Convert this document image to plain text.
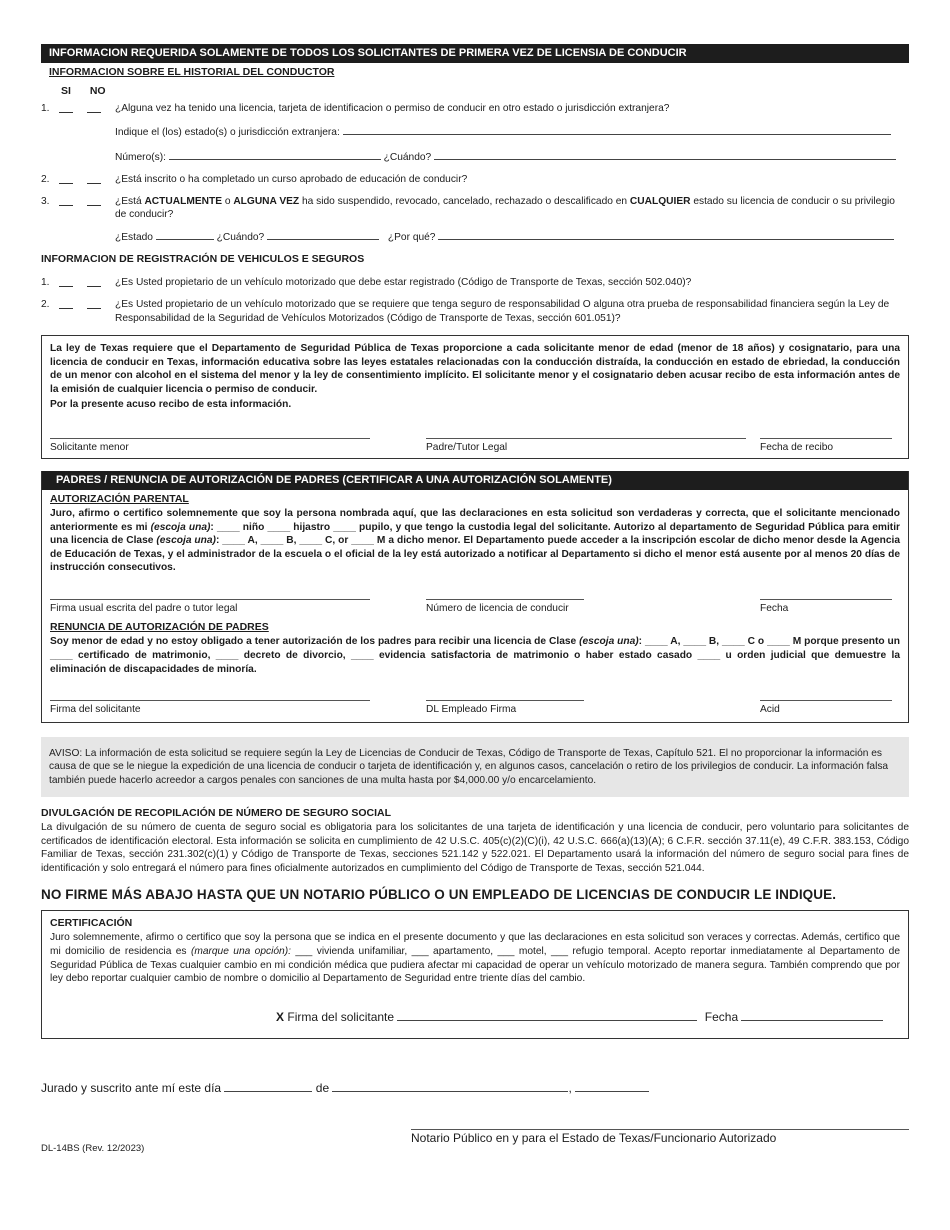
INFORMACION REQUERIDA SOLAMENTE DE TODOS LOS SOLICITANTES DE PRIMERA VEZ DE LICENSIA DE CONDUCIR
INFORMACION SOBRE EL HISTORIAL DEL CONDUCTOR
SI NO
1.	¿Alguna vez ha tenido una licencia, tarjeta de identificacion o permiso de conducir en otro estado o jurisdicción extranjera?
Indique el (los) estado(s) o jurisdicción extranjera:
Número(s):	¿Cuándo?
2.	¿Está inscrito o ha completado un curso aprobado de educación de conducir?
3.	¿Está ACTUALMENTE o ALGUNA VEZ ha sido suspendido, revocado, cancelado, rechazado o descalificado en CUALQUIER estado su licencia de conducir o su privilegio de conducir?
¿Estado	¿Cuándo?	¿Por qué?
INFORMACION DE REGISTRACIÓN DE VEHICULOS E SEGUROS
1.	¿Es Usted propietario de un vehículo motorizado que debe estar registrado (Código de Transporte de Texas, sección 502.040)?
2.	¿Es Usted propietario de un vehículo motorizado que se requiere que tenga seguro de responsabilidad O alguna otra prueba de responsabilidad financiera según la Ley de Responsabilidad de la Seguridad de Vehículos Motorizados (Código de Transporte de Texas, sección 601.051)?
La ley de Texas requiere que el Departamento de Seguridad Pública de Texas proporcione a cada solicitante menor de edad (menor de 18 años) y cosignatario, para una licencia de conducir en Texas, información educativa sobre las leyes estatales relacionadas con la conducción distraída, la conducción en estado de ebriedad, la conducción de un menor con alcohol en el sistema del menor y la ley de consentimiento implícito. El solicitante menor y el cosignatario deben acusar recibo de esta información antes de la emisión de cualquier licencia o permiso de conducir.
Por la presente acuso recibo de esta información.
Solicitante menor	Padre/Tutor Legal	Fecha de recibo
PADRES / RENUNCIA DE AUTORIZACIÓN DE PADRES (CERTIFICAR A UNA AUTORIZACIÓN SOLAMENTE)
AUTORIZACIÓN PARENTAL
Juro, afirmo o certifico solemnemente que soy la persona nombrada aquí, que las declaraciones en esta solicitud son verdaderas y correcta, que el solicitante mencionado anteriormente es mi (escoja una): ____ niño ____ hijastro ____ pupilo, y que tengo la custodia legal del solicitante. Autorizo al departamento de Seguridad Pública para emitir una licencia de Clase (escoja una): ____ A, ____ B, ____ C, or ____ M a dicho menor. El Departamento puede acceder a la inscripción escolar de dicho menor desde la Agencia de Educación de Texas, y el administrador de la escuela o el oficial de la ley está autorizado a notificar al Departamento si dicho el menor está ausente por al menos 20 días de instrucción consecutivos.
Firma usual escrita del padre o tutor legal	Número de licencia de conducir	Fecha
RENUNCIA DE AUTORIZACIÓN DE PADRES
Soy menor de edad y no estoy obligado a tener autorización de los padres para recibir una licencia de Clase (escoja una): ____ A, ____ B, ____ C o ____ M porque presento un ____ certificado de matrimonio, ____ decreto de divorcio, ____ evidencia satisfactoria de matrimonio o haber estado casado ____ u orden judicial que demuestre la eliminación de discapacidades de minoría.
Firma del solicitante	DL Empleado Firma	Acid
AVISO: La información de esta solicitud se requiere según la Ley de Licencias de Conducir de Texas, Código de Transporte de Texas, Capítulo 521. El no proporcionar la información es causa de que se le niegue la expedición de una licencia de conducir o tarjeta de identificación y, en algunos casos, cancelación o retiro de los privilegios de conducir. La información falsa también puede hacerlo acreedor a cargos penales con sanciones de una multa hasta por $4,000.00 y/o encarcelamiento.
DIVULGACIÓN DE RECOPILACIÓN DE NÚMERO DE SEGURO SOCIAL
La divulgación de su número de cuenta de seguro social es obligatoria para los solicitantes de una tarjeta de identificación y una licencia de conducir, pero voluntario para solicitantes de certificados de identificación electoral. Esta información se solicita en cumplimiento de 42 U.S.C. 405(c)(2)(C)(i), 42 U.S.C. 666(a)(13)(A); 6 C.F.R. sección 37.11(e), 49 C.F.R. 383.153, Código Familiar de Texas, sección 231.302(c)(1) y Código de Transporte de Texas, secciones 521.142 y 522.021. El Departamento usará la información del número de seguro social para fines de identificación y solo entregará el número para fines oficialmente autorizados en cumplimiento del Código de Transporte de Texas, sección 521.044.
NO FIRME MÁS ABAJO HASTA QUE UN NOTARIO PÚBLICO O UN EMPLEADO DE LICENCIAS DE CONDUCIR LE INDIQUE.
CERTIFICACIÓN
Juro solemnemente, afirmo o certifico que soy la persona que se indica en el presente documento y que las declaraciones en esta solicitud son veraces y correctas. Además, certifico que mi domicilio de residencia es (marque una opción): ___ vivienda unifamiliar, ___ apartamento, ___ motel, ___ refugio temporal. Acepto reportar inmediatamente al Departamento de Seguridad Pública de Texas cualquier cambio en mi condición médica que pudiera afectar mi capacidad de operar un vehículo motorizado de manera segura. También comprendo que por ley debo reportar cualquier cambio de nombre o domicilio al Departamento de Seguridad entre triente días del cambio.
X Firma del solicitante	Fecha
Jurado y suscrito ante mí este día	de	,
Notario Público en y para el Estado de Texas/Funcionario Autorizado
DL-14BS (Rev. 12/2023)
